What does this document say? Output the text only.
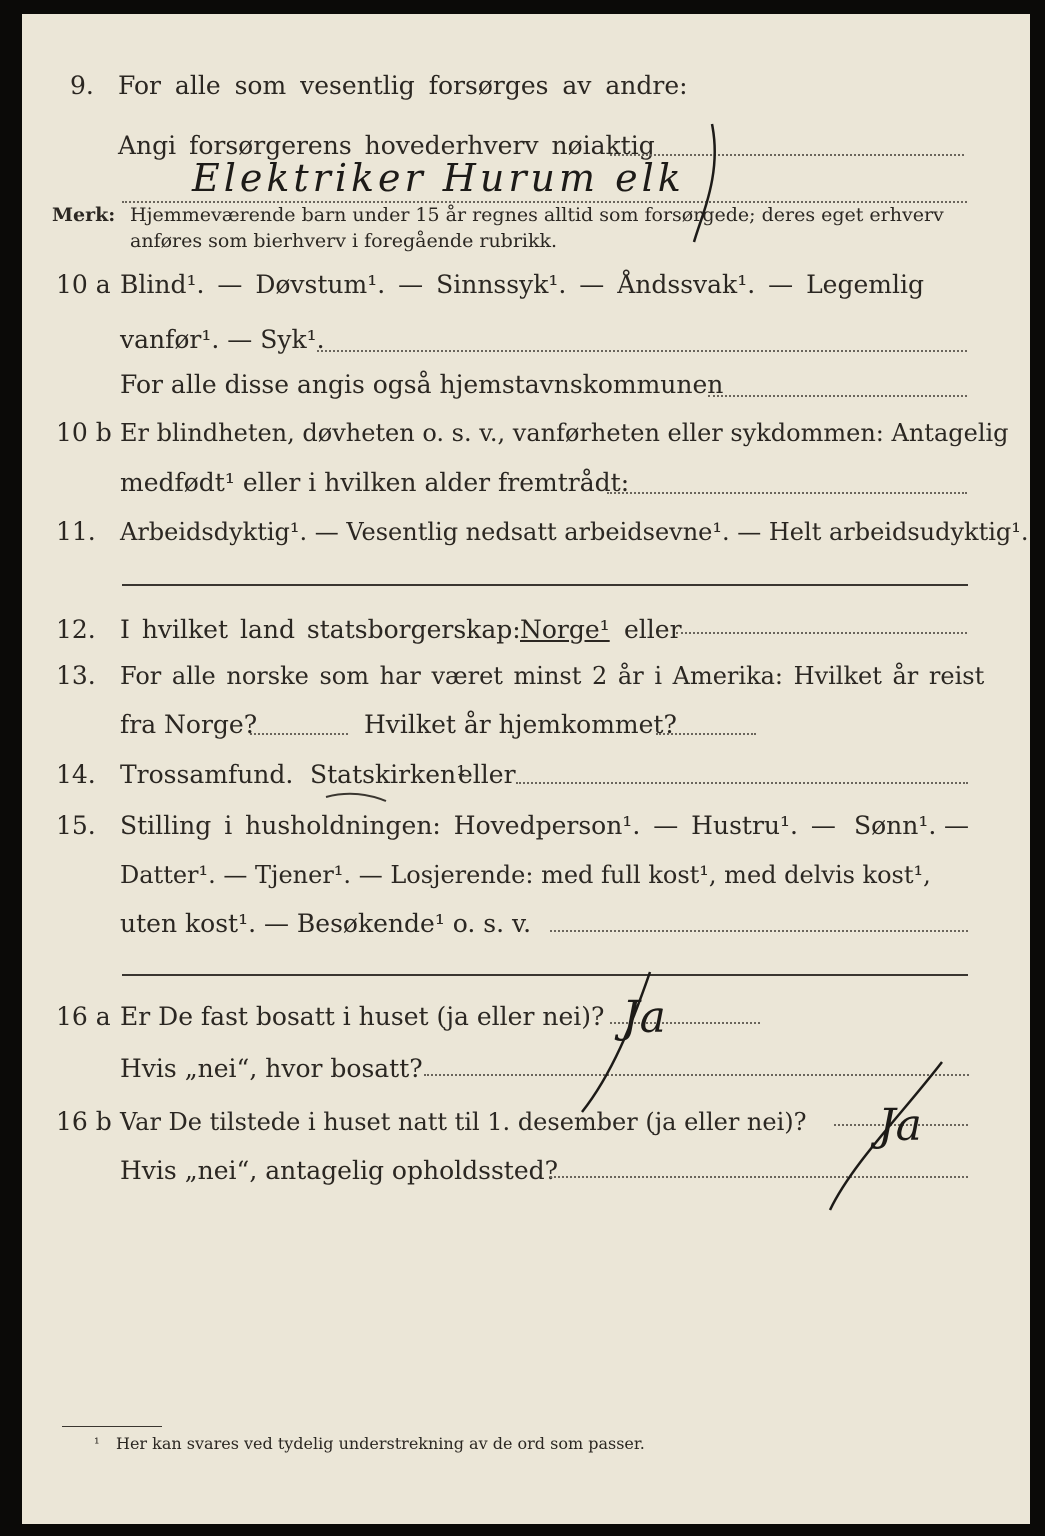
9. For alle som vesentlig forsørges av andre:
Angi forsørgerens hovederhverv nøiaktig
Elektriker Hurum elk
Merk: Hjemmeværende barn under 15 år regnes alltid som forsørgede; deres eget erhverv
anføres som bierhverv i foregående rubrikk.
10 a Blind¹. — Døvstum¹. — Sinnssyk¹. — Åndssvak¹. — Legemlig
vanfør¹. — Syk¹.
For alle disse angis også hjemstavnskommunen
10 b Er blindheten, døvheten o. s. v., vanførheten eller sykdommen: Antagelig
medfødt¹ eller i hvilken alder fremtrådt:
11. Arbeidsdyktig¹. — Vesentlig nedsatt arbeidsevne¹. — Helt arbeidsudyktig¹.
12. I hvilket land statsborgerskap: Norge¹ eller
13. For alle norske som har været minst 2 år i Amerika: Hvilket år reist
fra Norge?	Hvilket år hjemkommet?
14. Trossamfund. Statskirken¹
eller
15. Stilling i husholdningen: Hovedperson¹. — Hustru¹. — Sønn¹. —
Datter¹. — Tjener¹. — Losjerende: med full kost¹, med delvis kost¹,
uten kost¹. — Besøkende¹ o. s. v.
16 a Er De fast bosatt i huset (ja eller nei)?
Hvis „nei“, hvor bosatt?
Ja
16 b Var De tilstede i huset natt til 1. desember (ja eller nei)?
Hvis „nei“, antagelig opholdssted?
Ja
¹ Her kan svares ved tydelig understrekning av de ord som passer.
